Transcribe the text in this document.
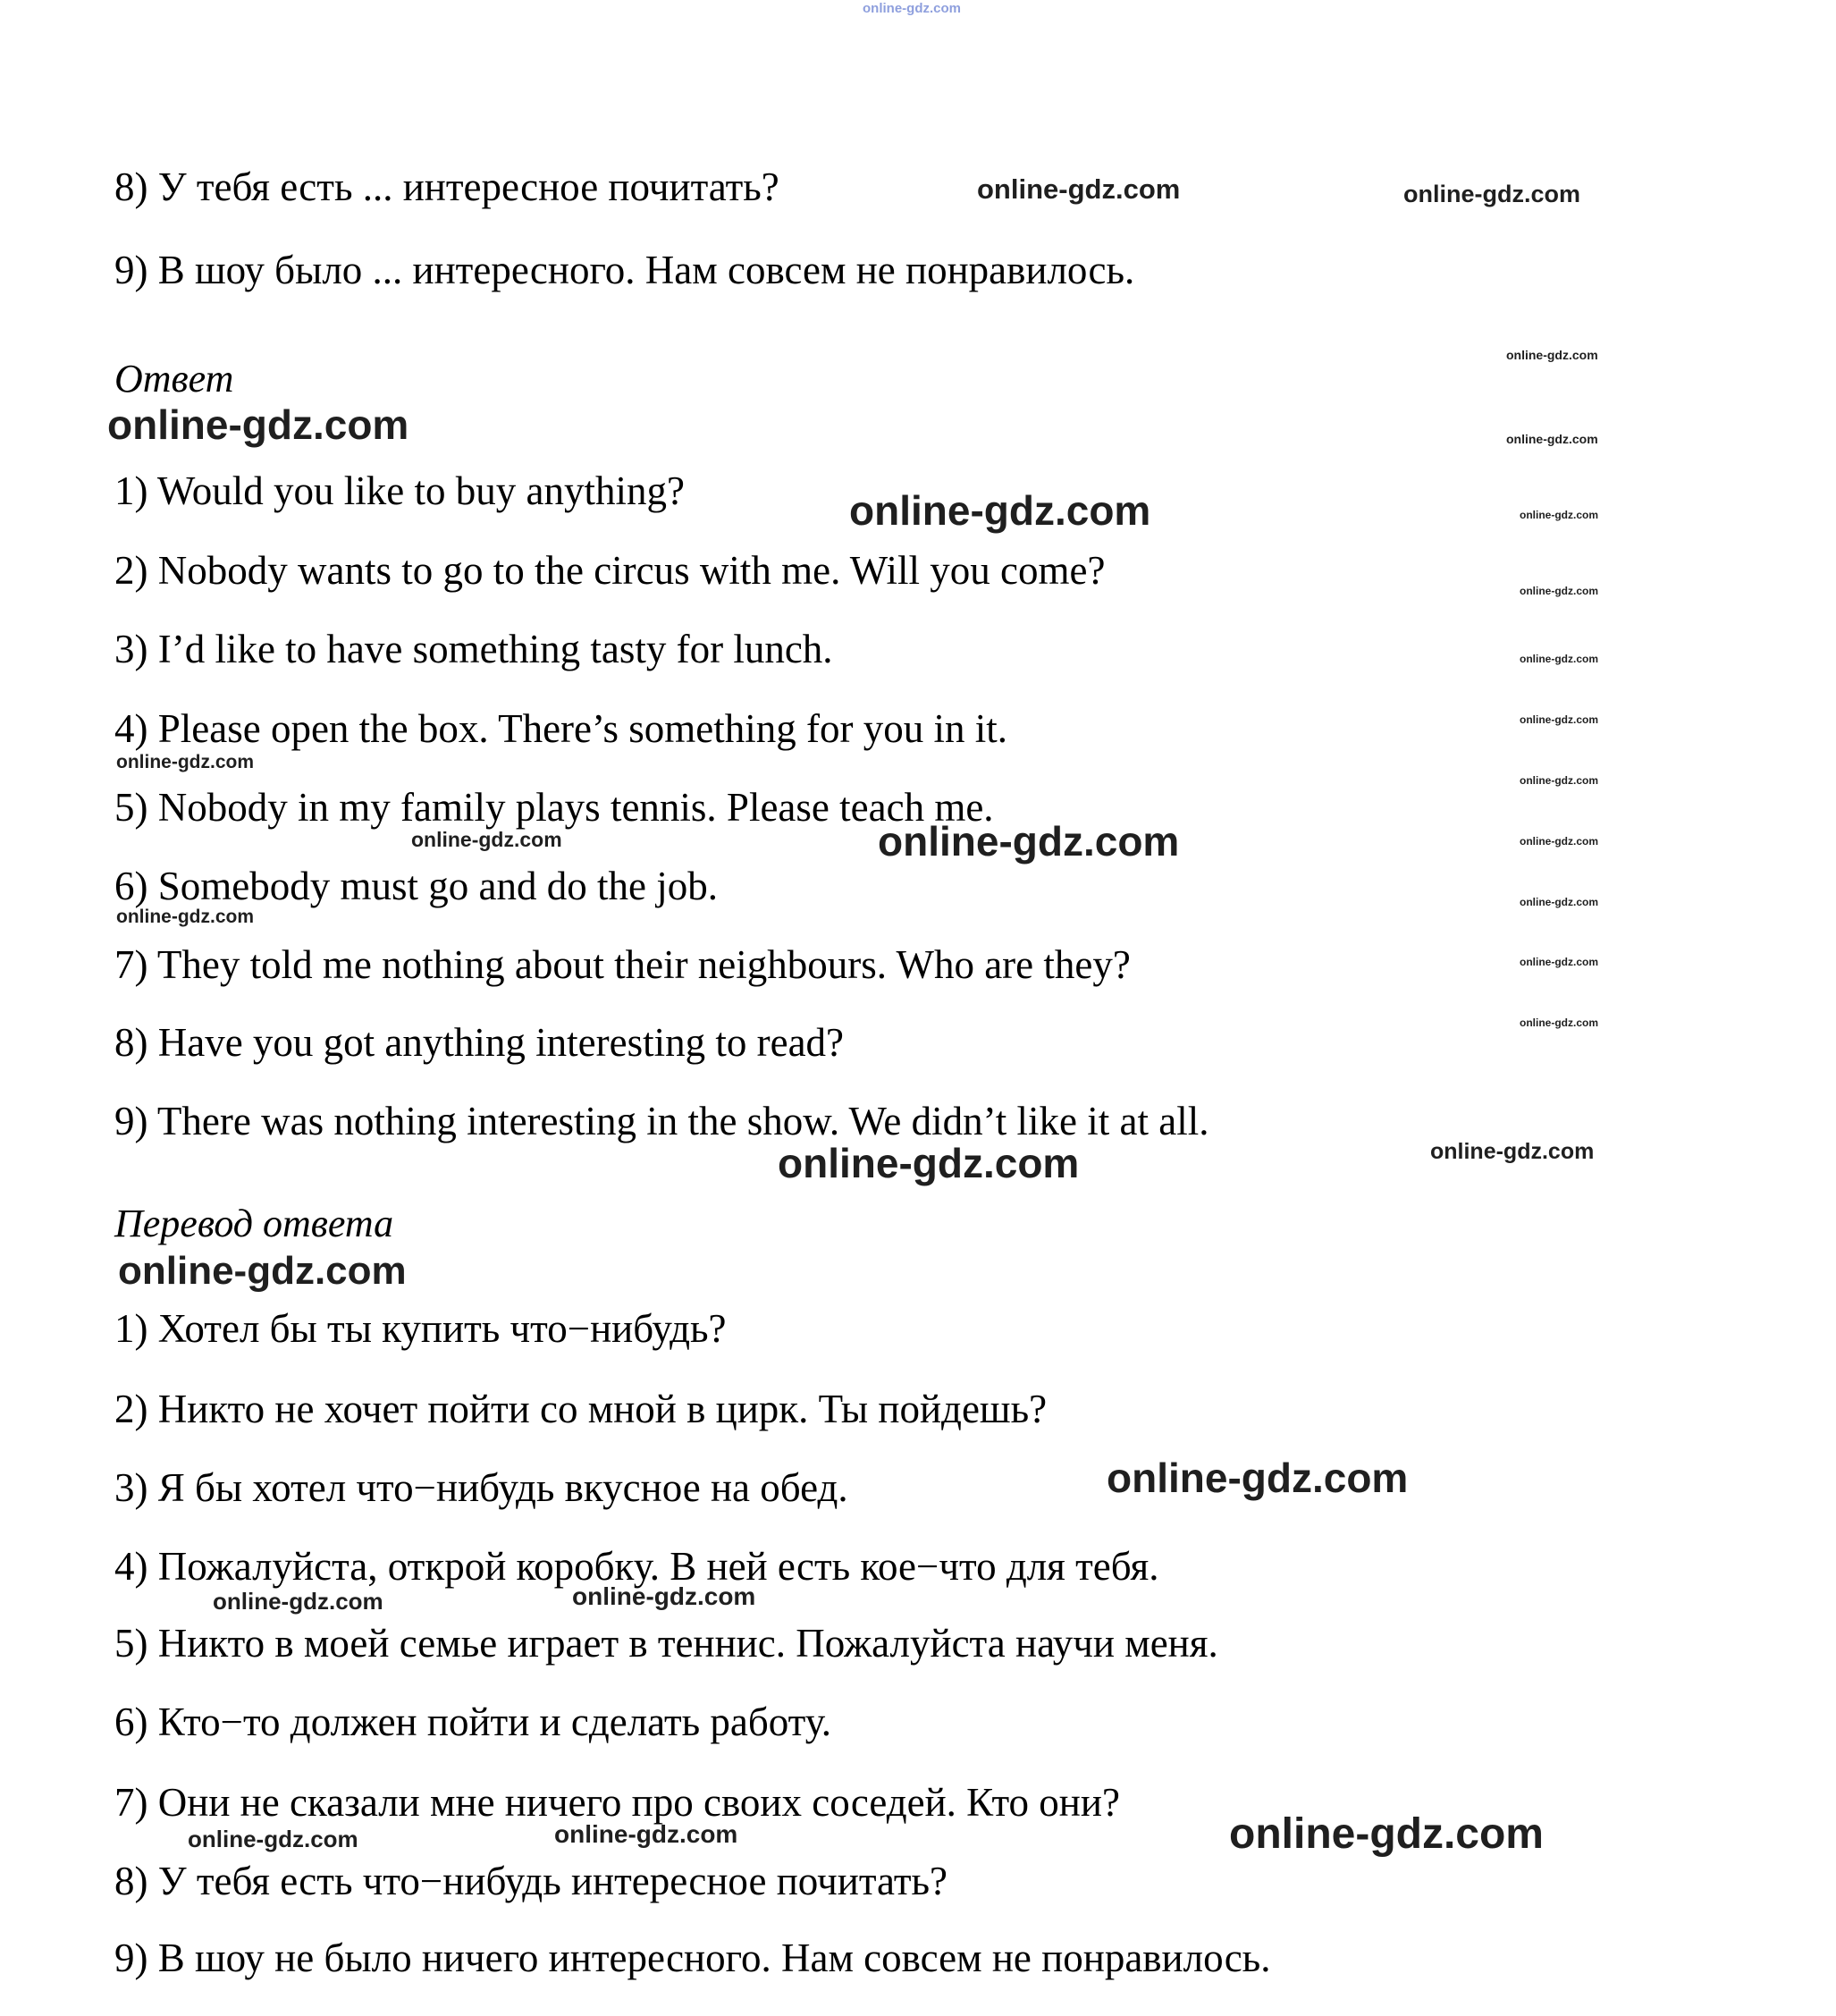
online-gdz.com
8) У тебя есть ... интересное почитать?
9) В шоу было ... интересного. Нам совсем не понравилось.
online-gdz.com	online-gdz.com
online-gdz.com
online-gdz.com
online-gdz.com
online-gdz.com
online-gdz.com
online-gdz.com
online-gdz.com
online-gdz.com
online-gdz.com
online-gdz.com
online-gdz.com
Ответ
online-gdz.com
1) Would you like to buy anything?	online-gdz.com
2) Nobody wants to go to the circus with me. Will you come?
3) I’d like to have something tasty for lunch.
4) Please open the box. There’s something for you in it.
online-gdz.com
5) Nobody in my family plays tennis. Please teach me.
online-gdz.com	online-gdz.com
6) Somebody must go and do the job.
online-gdz.com
7) They told me nothing about their neighbours. Who are they?
8) Have you got anything interesting to read?
9) There was nothing interesting in the show. We didn’t like it at all.
online-gdz.com	online-gdz.com
Перевод ответа
online-gdz.com
1) Хотел бы ты купить что−нибудь?
2) Никто не хочет пойти со мной в цирк. Ты пойдешь?
3) Я бы хотел что−нибудь вкусное на обед.	online-gdz.com
4) Пожалуйста, открой коробку. В ней есть кое−что для тебя.
online-gdz.com	online-gdz.com
5) Никто в моей семье играет в теннис. Пожалуйста научи меня.
6) Кто−то должен пойти и сделать работу.
7) Они не сказали мне ничего про своих соседей. Кто они?
online-gdz.com	online-gdz.com	online-gdz.com
8) У тебя есть что−нибудь интересное почитать?
9) В шоу не было ничего интересного. Нам совсем не понравилось.
